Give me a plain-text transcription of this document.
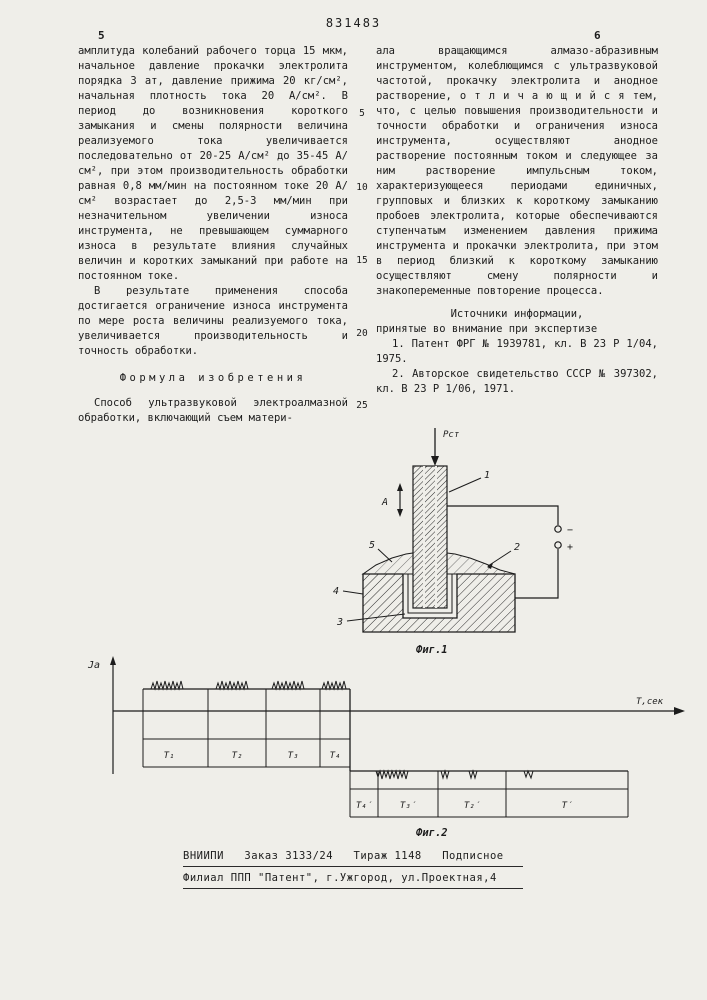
831483
5	6
5
10
15
20
25

амплитуда колебаний рабочего торца 15 мкм, начальное давление прокачки электролита порядка 3 ат, давление прижима 20 кг/см², начальная плотность тока 20 А/см². В период до возникновения короткого замыкания и смены полярности величина реализуемого тока увеличивается последовательно от 20-25 А/см² до 35-45 А/см², при этом производительность обработки равная 0,8 мм/мин на постоянном токе 20 А/см² возрастает до 2,5-3 мм/мин при незначительном увеличении износа инструмента, не превышающем суммарного износа в результате влияния случайных величин и коротких замыканий при работе на постоянном токе.

В результате применения способа достигается ограничение износа инструмента по мере роста величины реализуемого тока, увеличивается производительность и точность обработки.

Формула изобретения

Способ ультразвуковой электроалмазной обработки, включающий съем матери-

ала вращающимся алмазо-абразивным инструментом, колеблющимся с ультразвуковой частотой, прокачку электролита и анодное растворение, о т л и ч а ю щ и й с я тем, что, с целью повышения производительности и точности обработки и ограничения износа инструмента, осуществляют анодное растворение постоянным током и следующее за ним растворение импульсным током, характеризующееся периодами единичных, групповых и близких к короткому замыканию пробоев электролита, которые обеспечиваются ступенчатым изменением давления прижима инструмента и прокачки электролита, при этом в период близкий к короткому замыканию осуществляют смену полярности и знакопеременные повторение процесса.

Источники информации,

принятые во внимание при экспертизе

1. Патент ФРГ № 1939781, кл. В 23 Р 1/04, 1975.

2. Авторское свидетельство СССР № 397302, кл. В 23 Р 1/06, 1971.

Рст
А
1
5	2
4
3
−
+
Фиг.1
Jа
Т,сек
T₁	T₂	T₃	T₄
T₄′	T₃′	T₂′	T′
Фиг.2
ВНИИПИ   Заказ 3133/24   Тираж 1148   Подписное
Филиал ППП "Патент", г.Ужгород, ул.Проектная,4
